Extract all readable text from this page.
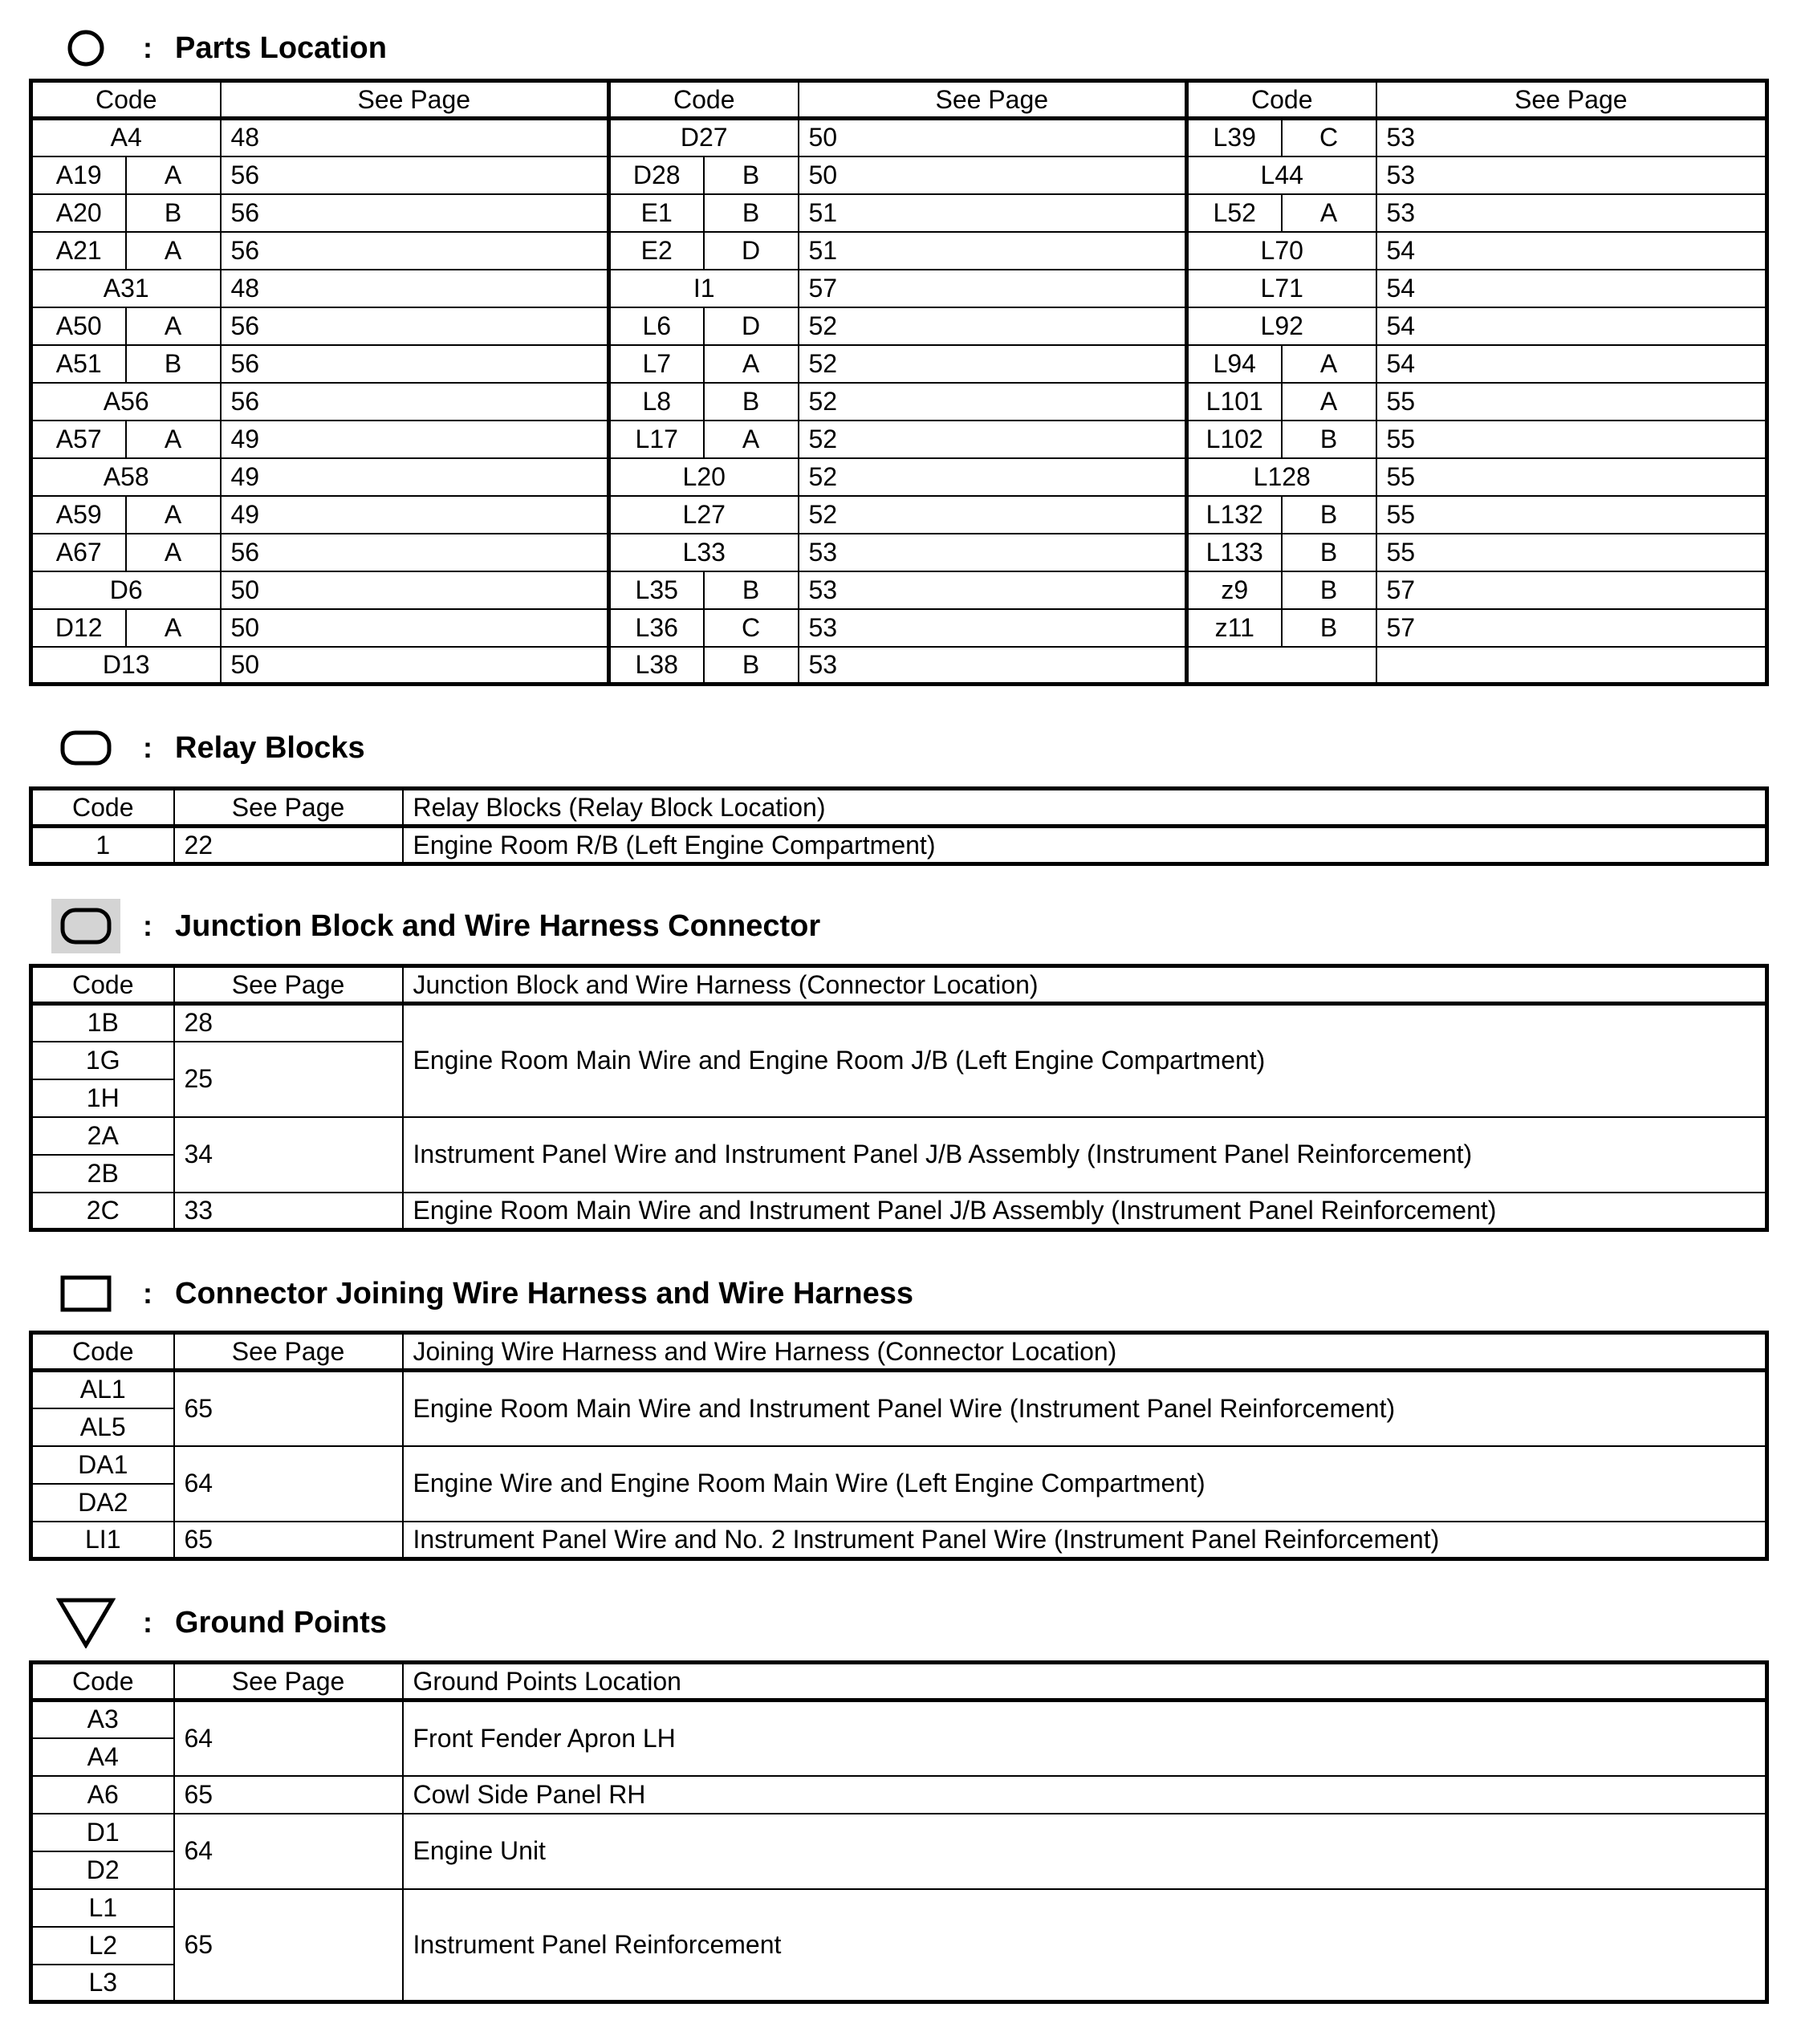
: Parts Location
Code		See Page	Code		See Page	Code		See Page
A4		48	D27		50	L39	C	53
A19	A	56	D28	B	50	L44		53
A20	B	56	E1	B	51	L52	A	53
A21	A	56	E2	D	51	L70		54
A31		48	I1		57	L71		54
A50	A	56	L6	D	52	L92		54
A51	B	56	L7	A	52	L94	A	54
A56		56	L8	B	52	L101	A	55
A57	A	49	L17	A	52	L102	B	55
A58		49	L20		52	L128		55
A59	A	49	L27		52	L132	B	55
A67	A	56	L33		53	L133	B	55
D6		50	L35	B	53	z9	B	57
D12	A	50	L36	C	53	z11	B	57
D13		50	L38	B	53			
: Relay Blocks
Code	See Page	Relay Blocks (Relay Block Location)
1	22	Engine Room R/B (Left Engine Compartment)
: Junction Block and Wire Harness Connector
Code	See Page	Junction Block and Wire Harness (Connector Location)
1B	28	Engine Room Main Wire and Engine Room J/B (Left Engine Compartment)
1G	25	
1H		
2A	34	Instrument Panel Wire and Instrument Panel J/B Assembly (Instrument Panel Reinforcement)
2B		
2C	33	Engine Room Main Wire and Instrument Panel J/B Assembly (Instrument Panel Reinforcement)
: Connector Joining Wire Harness and Wire Harness
Code	See Page	Joining Wire Harness and Wire Harness (Connector Location)
AL1	65	Engine Room Main Wire and Instrument Panel Wire (Instrument Panel Reinforcement)
AL5		
DA1	64	Engine Wire and Engine Room Main Wire (Left Engine Compartment)
DA2		
LI1	65	Instrument Panel Wire and No. 2 Instrument Panel Wire (Instrument Panel Reinforcement)
: Ground Points
Code	See Page	Ground Points Location
A3	64	Front Fender Apron LH
A4		
A6	65	Cowl Side Panel RH
D1	64	Engine Unit
D2		
L1	65	Instrument Panel Reinforcement
L2		
L3		
